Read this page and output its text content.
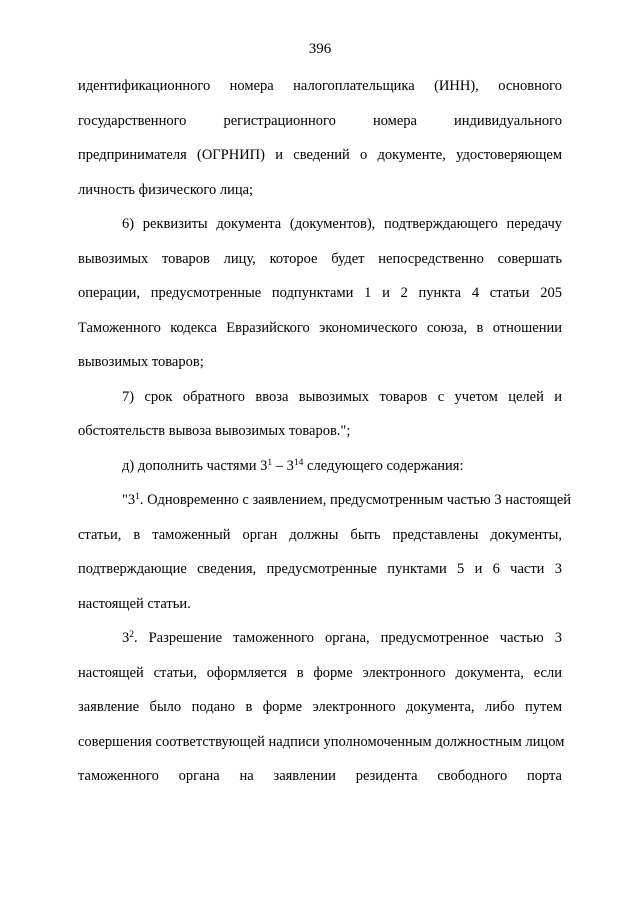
396
идентификационного номера налогоплательщика (ИНН), основного
государственного регистрационного номера индивидуального
предпринимателя (ОГРНИП) и сведений о документе, удостоверяющем
личность физического лица;
6) реквизиты документа (документов), подтверждающего передачу
вывозимых товаров лицу, которое будет непосредственно совершать
операции, предусмотренные подпунктами 1 и 2 пункта 4 статьи 205
Таможенного кодекса Евразийского экономического союза, в отношении
вывозимых товаров;
7) срок обратного ввоза вывозимых товаров с учетом целей и
обстоятельств вывоза вывозимых товаров.";
д) дополнить частями $3^1 - 3^{14}$ следующего содержания:
"$3^1$. Одновременно с заявлением, предусмотренным частью 3 настоящей
статьи, в таможенный орган должны быть представлены документы,
подтверждающие сведения, предусмотренные пунктами 5 и 6 части 3
настоящей статьи.
$3^2$. Разрешение таможенного органа, предусмотренное частью 3
настоящей статьи, оформляется в форме электронного документа, если
заявление было подано в форме электронного документа, либо путем
совершения соответствующей надписи уполномоченным должностным лицом
таможенного органа на заявлении резидента свободного порта
